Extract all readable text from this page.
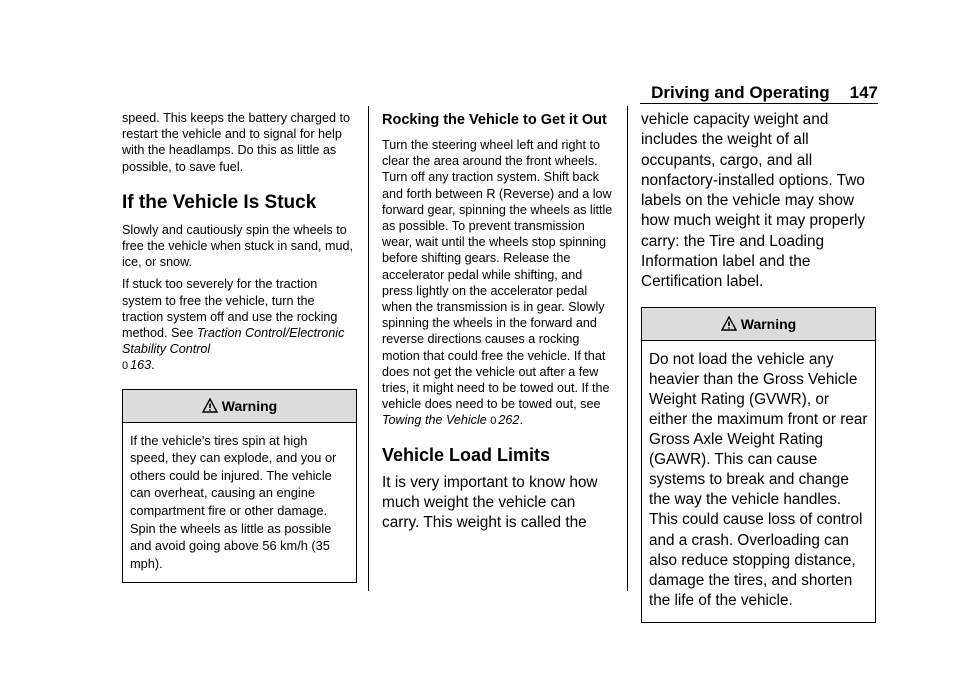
Driving and Operating 147

speed. This keeps the battery charged to restart the vehicle and to signal for help with the headlamps. Do this as little as possible, to save fuel.

If the Vehicle Is Stuck

Slowly and cautiously spin the wheels to free the vehicle when stuck in sand, mud, ice, or snow.

If stuck too severely for the traction system to free the vehicle, turn the traction system off and use the rocking method. See Traction Control/Electronic Stability Control
0 163.

Warning
If the vehicle's tires spin at high speed, they can explode, and you or others could be injured. The vehicle can overheat, causing an engine compartment fire or other damage. Spin the wheels as little as possible and avoid going above 56 km/h (35 mph).
Rocking the Vehicle to Get it Out

Turn the steering wheel left and right to clear the area around the front wheels. Turn off any traction system. Shift back and forth between R (Reverse) and a low forward gear, spinning the wheels as little as possible. To prevent transmission wear, wait until the wheels stop spinning before shifting gears. Release the accelerator pedal while shifting, and press lightly on the accelerator pedal when the transmission is in gear. Slowly spinning the wheels in the forward and reverse directions causes a rocking motion that could free the vehicle. If that does not get the vehicle out after a few tries, it might need to be towed out. If the vehicle does need to be towed out, see Towing the Vehicle 0 262.

Vehicle Load Limits

It is very important to know how much weight the vehicle can carry. This weight is called the

vehicle capacity weight and includes the weight of all occupants, cargo, and all nonfactory-installed options. Two labels on the vehicle may show how much weight it may properly carry: the Tire and Loading Information label and the Certification label.

Warning
Do not load the vehicle any heavier than the Gross Vehicle Weight Rating (GVWR), or either the maximum front or rear Gross Axle Weight Rating (GAWR). This can cause systems to break and change the way the vehicle handles. This could cause loss of control and a crash. Overloading can also reduce stopping distance, damage the tires, and shorten the life of the vehicle.
